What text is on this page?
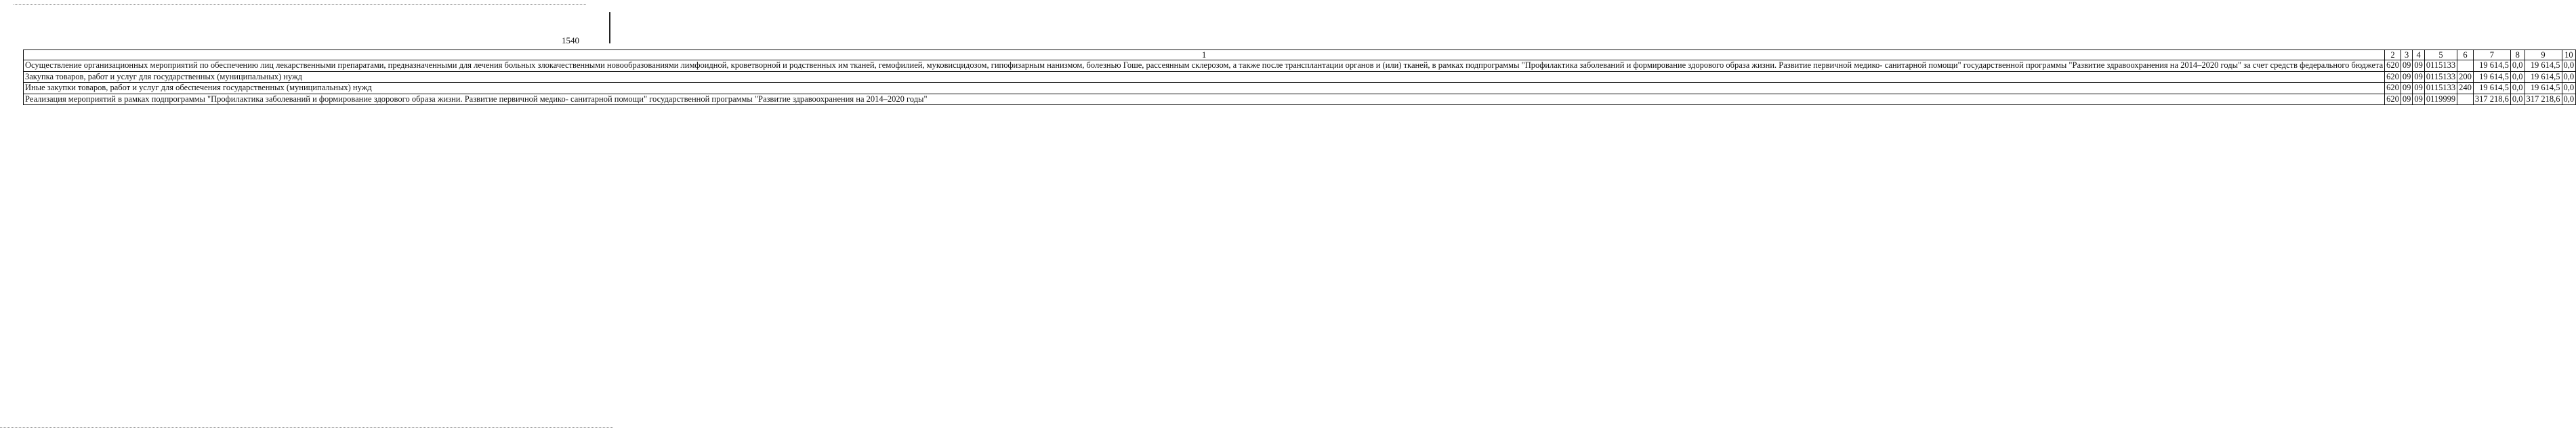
1540
1	2	3	4	5	6	7	8	9	10
Осуществление организационных мероприятий по обеспечению лиц лекарственными препаратами, предназначенными для лечения больных злокачественными новообразованиями лимфоидной, кроветворной и родственных им тканей, гемофилией, муковисцидозом, гипофизарным нанизмом, болезнью Гоше, рассеянным склерозом, а также после трансплантации органов и (или) тканей, в рамках подпрограммы "Профилактика заболеваний и формирование здорового образа жизни. Развитие первичной медико- санитарной помощи" государственной программы "Развитие здравоохранения на 2014–2020 годы" за счет средств федерального бюджета	620	09	09	0115133		19 614,5	0,0	19 614,5	0,0
Закупка товаров, работ и услуг для государственных (муниципальных) нужд	620	09	09	0115133	200	19 614,5	0,0	19 614,5	0,0
Иные закупки товаров, работ и услуг для обеспечения государственных (муниципальных) нужд	620	09	09	0115133	240	19 614,5	0,0	19 614,5	0,0
Реализация мероприятий в рамках подпрограммы "Профилактика заболеваний и формирование здорового образа жизни. Развитие первичной медико- санитарной помощи" государственной программы "Развитие здравоохранения на 2014–2020 годы"	620	09	09	0119999		317 218,6	0,0	317 218,6	0,0
